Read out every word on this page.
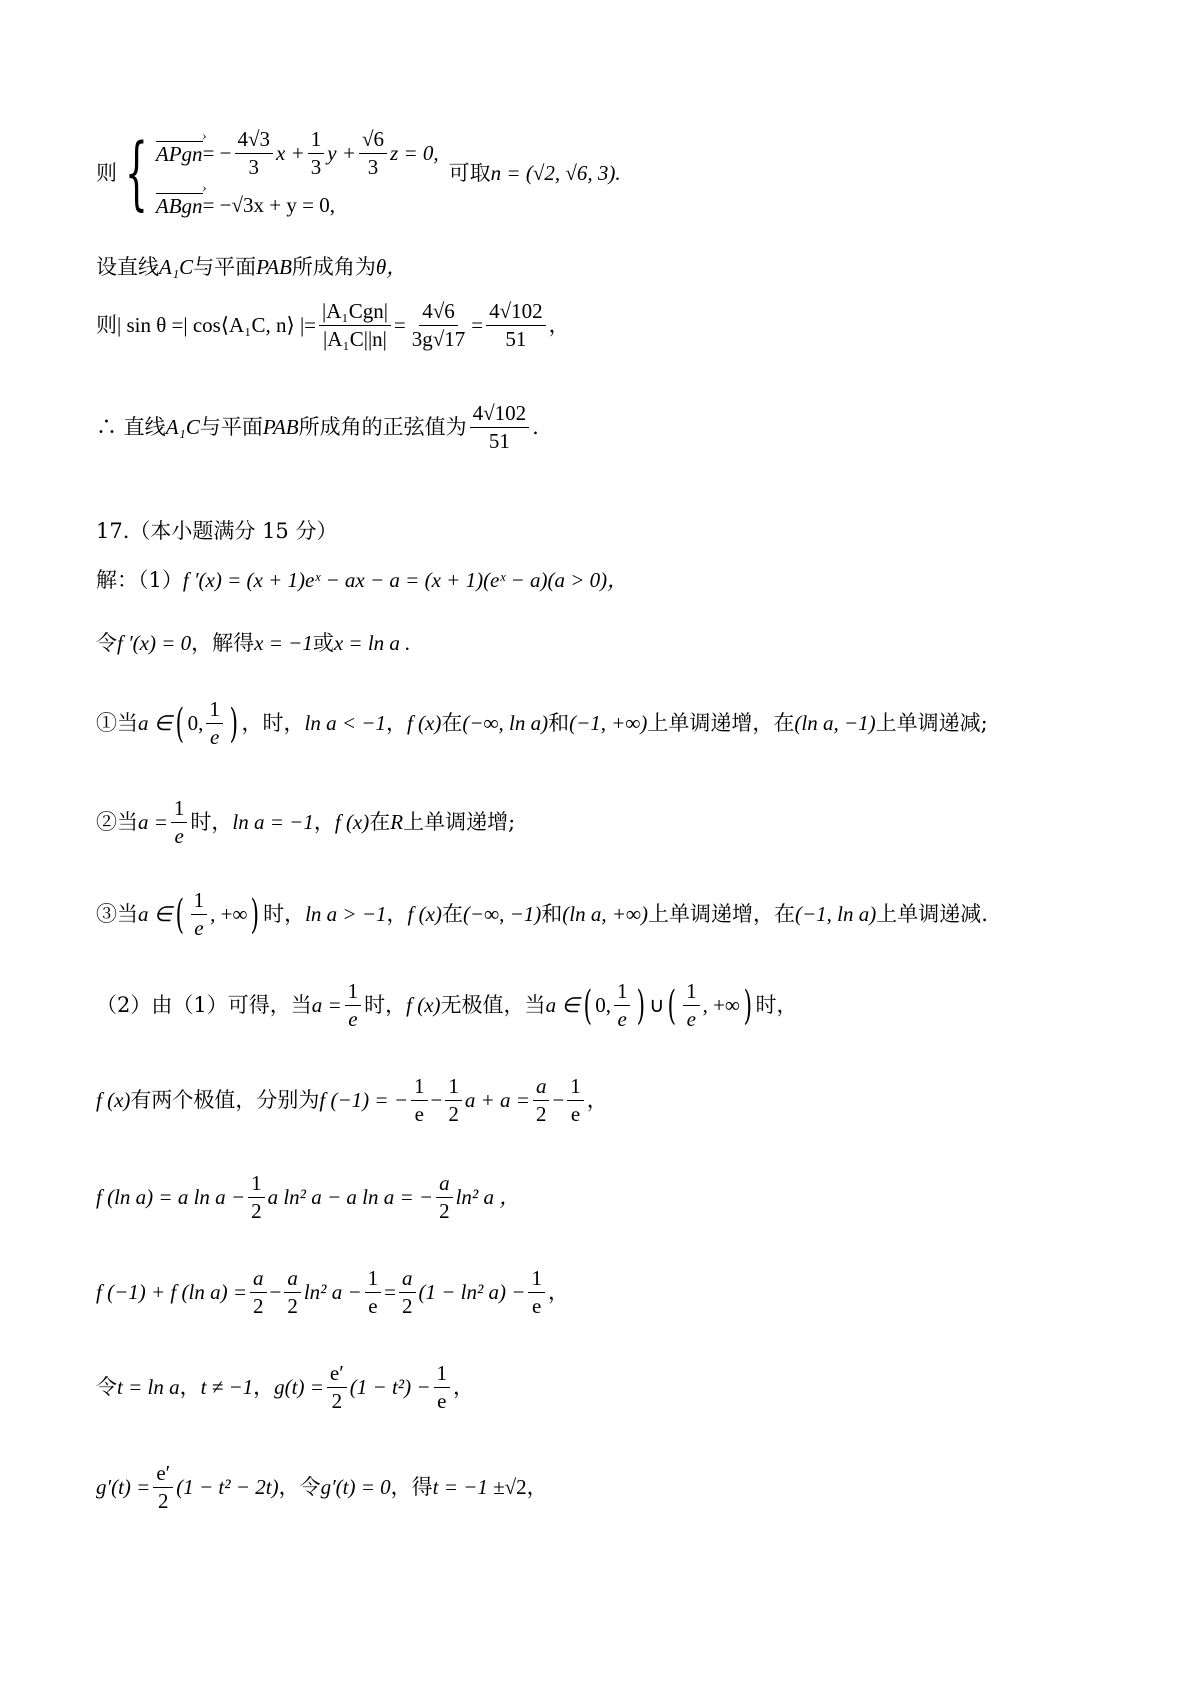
则 { APgn › = − $\frac{4√3}{3}$ $x + \frac{1}{3}$ $y + \frac{√6}{3}$ z = 0,
ABgn › = −√3x + y = 0,
可取 n = (√2, √6, 3).
设直线 A₁C 与平面 PAB 所成角为 θ，
则 | sin θ =| cos⟨A₁C, n⟩ |= $\frac{\text{|A₁Cgn|}}{\text{|A₁C||n|}} = \frac{4√6}{3g√17} = \frac{4√102}{51}$ ，
∴ 直线 A₁C 与平面 PAB 所成角的正弦值为 $\frac{4√102}{51}$ .
17.（本小题满分 15 分）
解：（1） f ′(x) = (x + 1)eˣ − ax − a = (x + 1)(eˣ − a)(a > 0)，
令 f ′(x) = 0 ，解得 x = −1 或 x = ln a .
①当 a ∈ ( 0, $\frac{1}{e}$ ) ，时， ln a < −1 ， f (x) 在 (−∞, ln a) 和 (−1, +∞) 上单调递增，在 (ln a, −1) 上单调递减;
②当 $a = \frac{1}{e}$ 时， ln a = −1 ， f (x) 在 R 上单调递增;
③当 a ∈ ( $\frac{1}{e}$ , +∞ ) 时， ln a > −1 ， f (x) 在 (−∞, −1) 和 (ln a, +∞) 上单调递增，在 (−1, ln a) 上单调递减.
（2）由（1）可得，当 $a = \frac{1}{e}$ 时， f (x) 无极值，当 a ∈ ( 0, $\frac{1}{e}$ ) ∪ ( $\frac{1}{e}$ , +∞ ) 时，
f (x) 有两个极值，分别为 f (−1) = − $\frac{1}{e} - \frac{1}{2}$ $a + a = \frac{a}{2} - \frac{1}{e}$ ，
f (ln a) = a $\ln a - \frac{1}{2}$ a ln² a − a ln a = − $\frac{a}{2} \ln^2$ a ，
f (−1) + f (ln $a) = \frac{a}{2} - \frac{a}{2} \ln^2$ $a - \frac{1}{e} = \frac{a}{2} (1 - \ln^2$ $a) - \frac{1}{e}$ ，
令 t = ln a ， t ≠ −1 ， $g(t) = \frac{e'}{2} (1 - t^2) - \frac{1}{e}$ ，
$g'(t) = \frac{e'}{2} (1 - t^2 - 2t)$ ，令 g′(t) = 0 ，得 t = −1 ± √2 ，
